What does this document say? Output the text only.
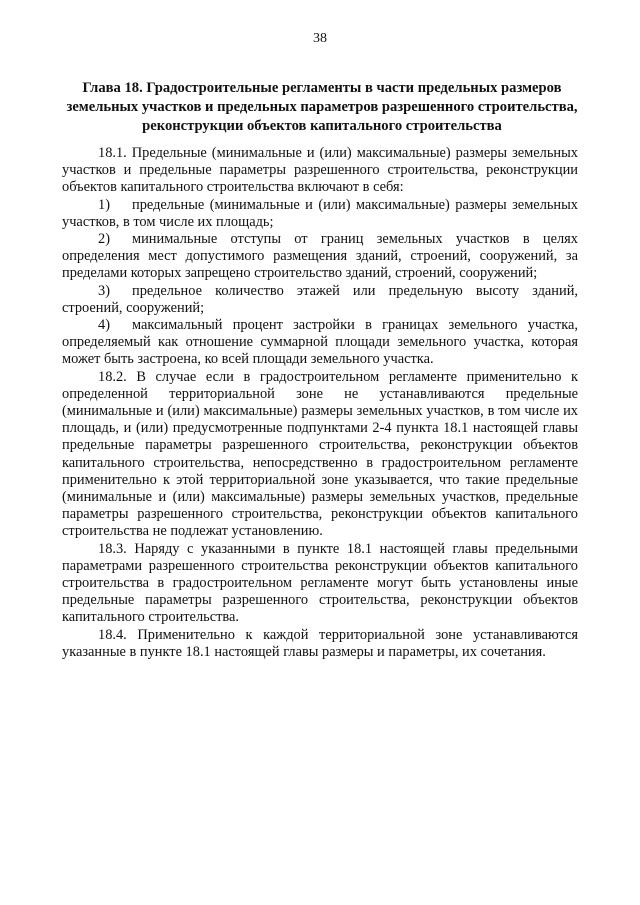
38
Глава 18. Градостроительные регламенты в части предельных размеров земельных участков и предельных параметров разрешенного строительства, реконструкции объектов капитального строительства

18.1. Предельные (минимальные и (или) максимальные) размеры земельных участков и предельные параметры разрешенного строительства, реконструкции объектов капитального строительства включают в себя:

1) предельные (минимальные и (или) максимальные) размеры земельных участков, в том числе их площадь;

2) минимальные отступы от границ земельных участков в целях определения мест допустимого размещения зданий, строений, сооружений, за пределами которых запрещено строительство зданий, строений, сооружений;

3) предельное количество этажей или предельную высоту зданий, строений, сооружений;

4) максимальный процент застройки в границах земельного участка, определяемый как отношение суммарной площади земельного участка, которая может быть застроена, ко всей площади земельного участка.

18.2. В случае если в градостроительном регламенте применительно к определенной территориальной зоне не устанавливаются предельные (минимальные и (или) максимальные) размеры земельных участков, в том числе их площадь, и (или) предусмотренные подпунктами 2-4 пункта 18.1 настоящей главы предельные параметры разрешенного строительства, реконструкции объектов капитального строительства, непосредственно в градостроительном регламенте применительно к этой территориальной зоне указывается, что такие предельные (минимальные и (или) максимальные) размеры земельных участков, предельные параметры разрешенного строительства, реконструкции объектов капитального строительства не подлежат установлению.

18.3. Наряду с указанными в пункте 18.1 настоящей главы предельными параметрами разрешенного строительства реконструкции объектов капитального строительства в градостроительном регламенте могут быть установлены иные предельные параметры разрешенного строительства, реконструкции объектов капитального строительства.

18.4. Применительно к каждой территориальной зоне устанавливаются указанные в пункте 18.1 настоящей главы размеры и параметры, их сочетания.
